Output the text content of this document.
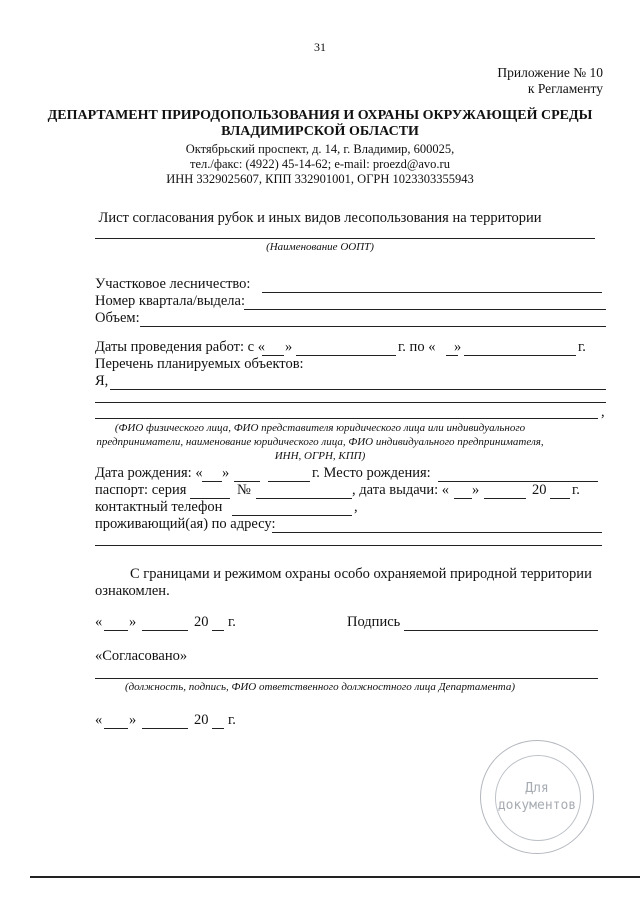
31
Приложение № 10
к Регламенту
ДЕПАРТАМЕНТ ПРИРОДОПОЛЬЗОВАНИЯ И ОХРАНЫ ОКРУЖАЮЩЕЙ СРЕДЫ
ВЛАДИМИРСКОЙ ОБЛАСТИ
Октябрьский проспект, д. 14, г. Владимир, 600025,
тел./факс: (4922) 45-14-62; e-mail: proezd@avo.ru
ИНН 3329025607, КПП 332901001, ОГРН 1023303355943
Лист согласования рубок и иных видов лесопользования на территории
(Наименование ООПТ)
Участковое лесничество:
Номер квартала/выдела:
Объем:
Даты проведения работ: с « »	г. по « »	г.
Перечень планируемых объектов:
Я,
,
(ФИО физического лица, ФИО представителя юридического лица или индивидуального
предприниматели, наименование юридического лица, ФИО индивидуального предпринимателя,
ИНН, ОГРН, КПП)
Дата рождения: « »	г. Место рождения:
паспорт: серия	№	, дата выдачи: « »	20 г.
контактный телефон	,
проживающий(ая) по адресу:
С границами и режимом охраны особо охраняемой природной территории
ознакомлен.
« »	20 г.	Подпись
«Согласовано»
(должность, подпись, ФИО ответственного должностного лица Департамента)
« »	20 г.
Для
документов
